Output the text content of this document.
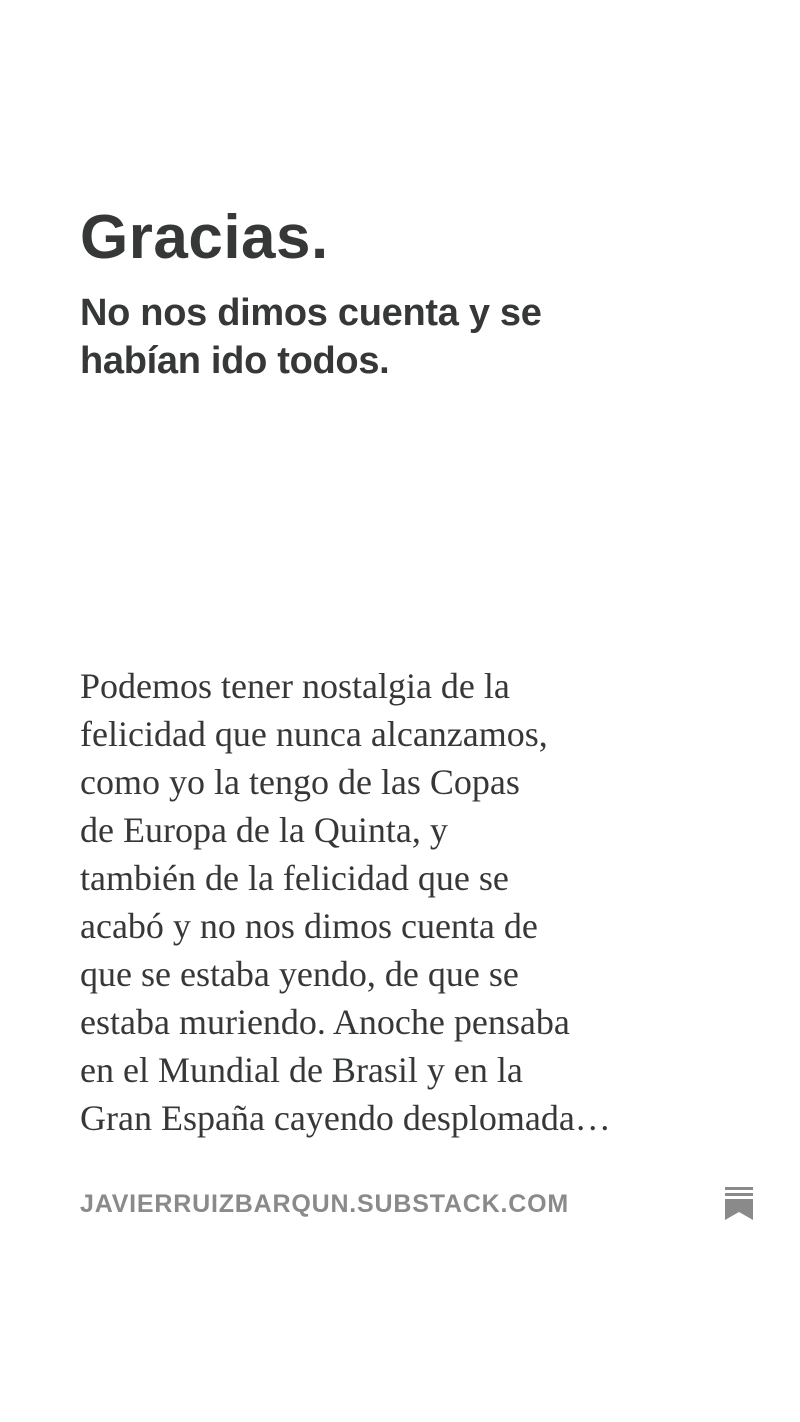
Gracias.
No nos dimos cuenta y se habían ido todos.

Podemos tener nostalgia de la
felicidad que nunca alcanzamos,
como yo la tengo de las Copas
de Europa de la Quinta, y
también de la felicidad que se
acabó y no nos dimos cuenta de
que se estaba yendo, de que se
estaba muriendo. Anoche pensaba
en el Mundial de Brasil y en la
Gran España cayendo desplomada…

JAVIERRUIZBARQUN.SUBSTACK.COM
